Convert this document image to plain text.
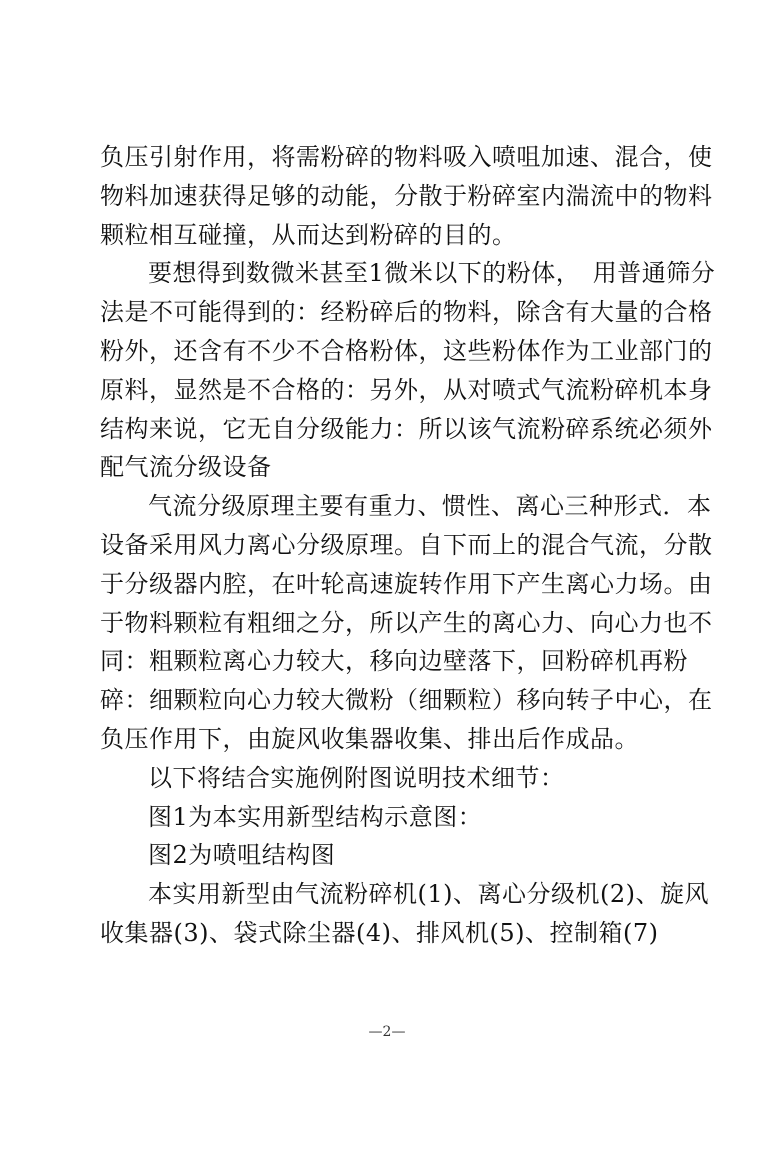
负压引射作用，将需粉碎的物料吸入喷咀加速、混合，使物料加速获得足够的动能，分散于粉碎室内湍流中的物料颗粒相互碰撞，从而达到粉碎的目的。

要想得到数微米甚至1微米以下的粉体，　用普通筛分法是不可能得到的：经粉碎后的物料，除含有大量的合格粉外，还含有不少不合格粉体，这些粉体作为工业部门的原料，显然是不合格的：另外，从对喷式气流粉碎机本身结构来说，它无自分级能力：所以该气流粉碎系统必须外配气流分级设备

气流分级原理主要有重力、惯性、离心三种形式．本设备采用风力离心分级原理。自下而上的混合气流，分散于分级器内腔，在叶轮高速旋转作用下产生离心力场。由于物料颗粒有粗细之分，所以产生的离心力、向心力也不同：粗颗粒离心力较大，移向边壁落下，回粉碎机再粉碎：细颗粒向心力较大微粉（细颗粒）移向转子中心，在负压作用下，由旋风收集器收集、排出后作成品。

以下将结合实施例附图说明技术细节：

图1为本实用新型结构示意图：

图2为喷咀结构图

本实用新型由气流粉碎机(1)、离心分级机(2)、旋风收集器(3)、袋式除尘器(4)、排风机(5)、控制箱(7)

—2—
